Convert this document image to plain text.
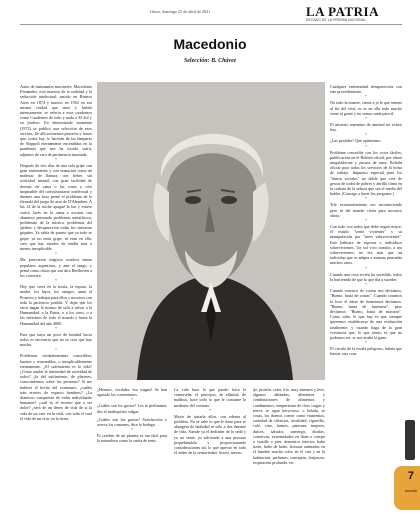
Oruro, domingo 25 de abril de 2021	LA PATRIA
DECANO DE LA PRENSA NACIONAL
Macedonio
Selección: B. Chávez

Autor de insinuantes mucinetes, Macedonio Fernández, este maestro de la oralidad y la seducción intelectual, nacido en Buenos Aires en 1874 y muerto en 1952 en esa misma ciudad que amó y habitó intensamente, se refería a esos cuadernos como Cuadernos de todo y nada o El Sol y su jirafero. En determinado momento (1972) se publicó una selección de esos escritos. De allí extraemos pirriafos y frases que, todos hoy, le hacerán de las lámparas de Stoppolí eternamente encendidas en la pandemia que nos ha tocado sufrir, adjuntos de cara de pertinencia inusitada.

*

Después de tres días de una sola gripe con gran sentimiento y con sensación como de malestar de llanura, con fiebre, sin actividad mental, con gran facilidad de dormir, en cama o las cosas y olor inopinable del convulsionarse intelectual y durante una hora pensé el problema de la fórmula del juego de azar de D'Alembert. A las 12 de la noche apagué la luz y estuve varios luces en la cama a oscuras con abuntoso pensando problemas metafísicos, problemas de la mística, problemas del ajedrez y desapareción todas los síntomas gripales. Ya sabía de pronto que ya todo se gripe, ya no tenía gripe, ni eran en ella; creo que hay estados de rendía más o menos inexplicable.

*

Me parecieron mágicos muchos temas populares argentinos, y aun el tango, y pensé como obras que son dira Beethoven a los conocera.

*

Hoy que creer en la teoría, la esposa, la madre, los hijos, los amigos, amar al Proserto y trabajar para ellos y nosotros con toda la paciencia posible. Y dejar que los otros hagan lo mismo de salir a salvar a la Humanidad, a la Patria, o a los otros, o a los enfermos de todo el mundo y hasta la Humanidad del año 4000.

*

Para que haya un poco de bondad hacia todos es necesario que no se crea que hay mucha.

*

Problemas verdaderamente conocibles; buenos y reasonables, o inexplicablemente eternamente: ¿El sufrimiento es la vida? ¿Cómo anular la intensidad de actividad de todos? ¿la del sufrimiento, de placeres, conocimientos sobre los personas? Si me hubiera el hecho del contraario, ¿cuáles irán errores de espacio hombres? ¿La dramicio conquiesta de vidas individuales humanas? ¿cuál es el secreto que a ser dolor? ¿será de un deseo de vida de sí la vida de un caer en la vida, con toda el cual el vida de un vivir en la tierra.

Cualquier enfermedad desaparecería con este procedimiento.

*

No todo la muerte, siente a jo le que senene al fin del vivir, es es en ella todo mucho viene al genio y no somos nada para el.

*

El misterio repentino de amenzó nó existir hoy.

*

¿Las posibles? Qué optimismo.

*

Probleme conocible con los ocios fáciles: pubilicación en el Boletín oficial, por ahora ningaládocate y pasaos de unos: Boletín oficial para todos los servicios de la bolsa de trabajo. Impuesto especial para los "ritmos sociales" no doble que vive de gestos de todos de pobres y abrillá cómo en la corbata de la señora que sea el medio del hablar. (Consigo a hacer los pregones.)

*

Trié extrasentimiento eso inconseciendo pero tú del mundo cierta para nosotros ahora.

*

Con todo con todos que debe seguir mejor: el estado "sentó vivientes" y su manipulación por "seres sobrevivientes". Este habitara de esposas e individuos sobrevivientes. Un sol vivo comúto, a sea sobrevivientes; no era más que un individuo que se adapta a mismas pensadas muchos otros.

*

Cuando una cosa recién ha sucedido, todos la han tenido de que lo que iba a suceder.

*

Cuando conozco de contar nos decíamos: "Bueno, basta de contar". Cuando cosamos lo loco el darse de funeramos decíamos: "Bueno, basta de funerarse", pero decíamos: "Bueno, basta de macarse". Como salta, le que hay es que siempre queremos establecerse de una evaluación totalmente, y cuando haga de la gran existencia que, lo que siento es que no podemos ser, se nos acabó la gana.

*

El círculo de la escala peligroso, habría que buscar otra cosa.

¿Hermos, ricidules, eso tragan? Se han agotado los comentarios.

*

¿Cuáles son los gustos? Los te preliminar, dos el multiquínto vulgar.

¿Cuáles son los gustos? Satisfacción y acerca los comunes, dice la bodega.

*

El cerebro de un planeta es tan fácil para la naturaleza como la casita de tenis.

La vida hace lo que puede: hace la contraseña, el principio, de ellmiud, de malthus; hace todo lo que le consume la mediatez del contrato.

*

Mejor de tratarla ellos, con edenar al problem. No se sabe lo que le tiene para se abangera de fatalidad se sólo a dos duerme de vida. Suesde ya el dedrader de lo sedó y yo no seme, yo solicitado a una persona pequeñándola y proporcionando consideraciones tal; lo que aprecio en todo el orden de la sensoriedad. fisiocr, mezzo.

ije, protein, calor, frío, muy intensos y leve, algunos ablandas; alimentos y combinaciones de alimentos y condimentos, temperatura de ifors cargas y terror, se agua hervoroso, o helada, se cosas, los dormir, comer como viumentos, variedad de silencios, seculidad, cigarrillo, café, vino, humos, paternas, mujeres, dulces, saludos, sumergir, dioalas, conservas, extremidades en llano o cuerpo o costille o pies, demonico interior, baño tizón, baño de baño, lecturas animadas en el hambre mucho color en el cim y en la habitación; perfumes, canceptas, lonjosoro, respiración profunda, etc.

7
mundo
